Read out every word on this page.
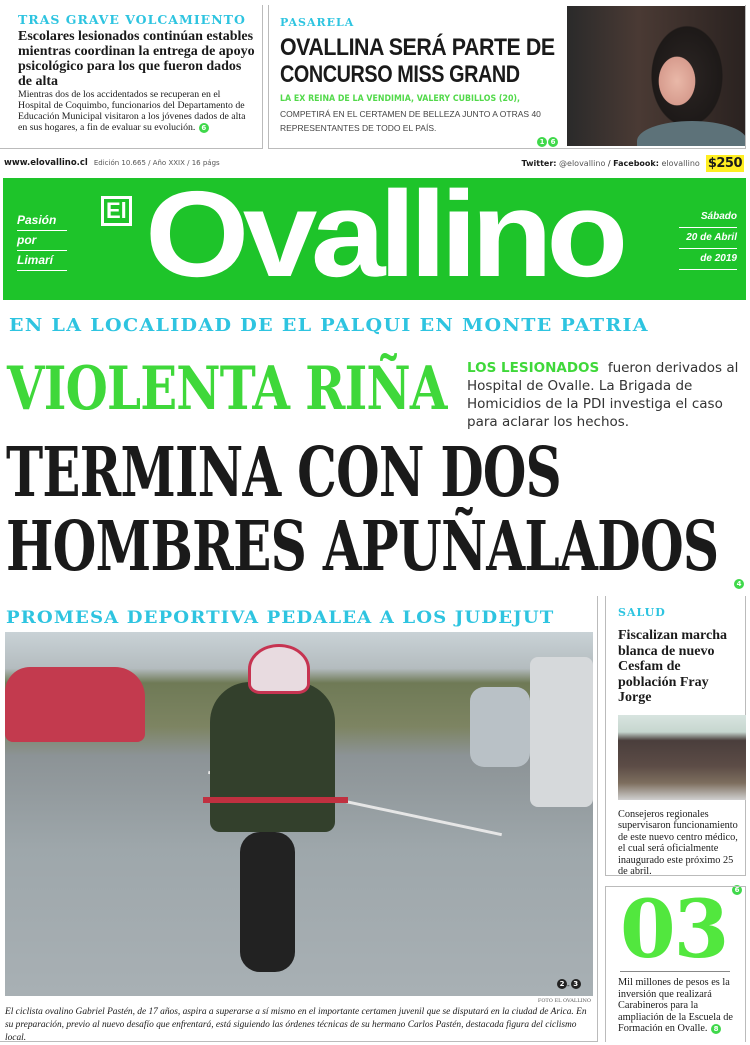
TRAS GRAVE VOLCAMIENTO
Escolares lesionados continúan estables mientras coordinan la entrega de apoyo psicológico para los que fueron dados de alta
Mientras dos de los accidentados se recuperan en el Hospital de Coquimbo, funcionarios del Departamento de Educación Municipal visitaron a los jóvenes dados de alta en sus hogares, a fin de evaluar su evolución. 6
PASARELA
OVALLINA SERÁ PARTE DE
CONCURSO MISS GRAND
LA EX REINA DE LA VENDIMIA, VALERY CUBILLOS (20),
COMPETIRÁ EN EL CERTAMEN DE BELLEZA JUNTO A OTRAS 40 REPRESENTANTES DE TODO EL PAÍS.
1 6
www.elovallino.cl Edición 10.665 / Año XXIX / 16 págs	Twitter: @elovallino / Facebook: elovallino $250
Pasión
por
Limarí
El Ovallino	Sábado
20 de Abril
de 2019
EN LA LOCALIDAD DE EL PALQUI EN MONTE PATRIA
VIOLENTA RIÑA LOS LESIONADOS fueron derivados al Hospital de Ovalle. La Brigada de Homicidios de la PDI investiga el caso para aclarar los hechos.
TERMINA CON DOS
HOMBRES APUÑALADOS	4
PROMESA DEPORTIVA PEDALEA A LOS JUDEJUT
2 - 3
FOTO EL OVALLINO
El ciclista ovalino Gabriel Pastén, de 17 años, aspira a superarse a sí mismo en el importante certamen juvenil que se disputará en la ciudad de Arica. En su preparación, previo al nuevo desafío que enfrentará, está siguiendo las órdenes técnicas de su hermano Carlos Pastén, destacada figura del ciclismo local.
SALUD
Fiscalizan marcha blanca de nuevo Cesfam de población Fray Jorge
Consejeros regionales supervisaron funcionamiento de este nuevo centro médico, el cual será oficialmente inaugurado este próximo 25 de abril.
6
03
Mil millones de pesos es la inversión que realizará Carabineros para la ampliación de la Escuela de Formación en Ovalle. 8
